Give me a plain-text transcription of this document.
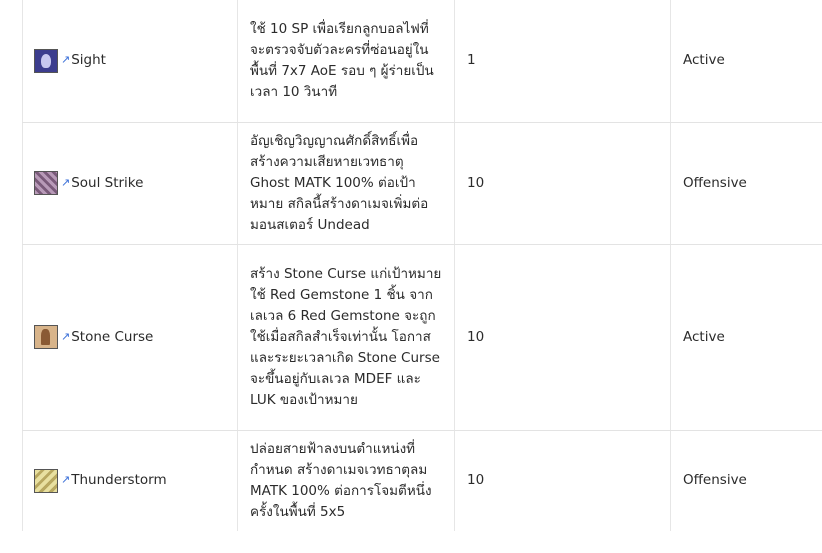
↗ Sight	ใช้ 10 SP เพื่อเรียกลูกบอลไฟที่จะตรวจจับตัวละครที่ซ่อนอยู่ในพื้นที่ 7x7 AoE รอบ ๆ ผู้ร่ายเป็นเวลา 10 วินาที	1	Active

↗ Soul Strike	อัญเชิญวิญญาณศักดิ์สิทธิ์เพื่อสร้างความเสียหายเวทธาตุ Ghost MATK 100% ต่อเป้าหมาย สกิลนี้สร้างดาเมจเพิ่มต่อมอนสเตอร์ Undead	10	Offensive

↗ Stone Curse	สร้าง Stone Curse แก่เป้าหมาย ใช้ Red Gemstone 1 ชิ้น จากเลเวล 6 Red Gemstone จะถูกใช้เมื่อสกิลสำเร็จเท่านั้น โอกาสและระยะเวลาเกิด Stone Curse จะขึ้นอยู่กับเลเวล MDEF และ LUK ของเป้าหมาย	10	Active

↗ Thunderstorm	ปล่อยสายฟ้าลงบนตำแหน่งที่กำหนด สร้างดาเมจเวทธาตุลม MATK 100% ต่อการโจมตีหนึ่งครั้งในพื้นที่ 5x5	10	Offensive
